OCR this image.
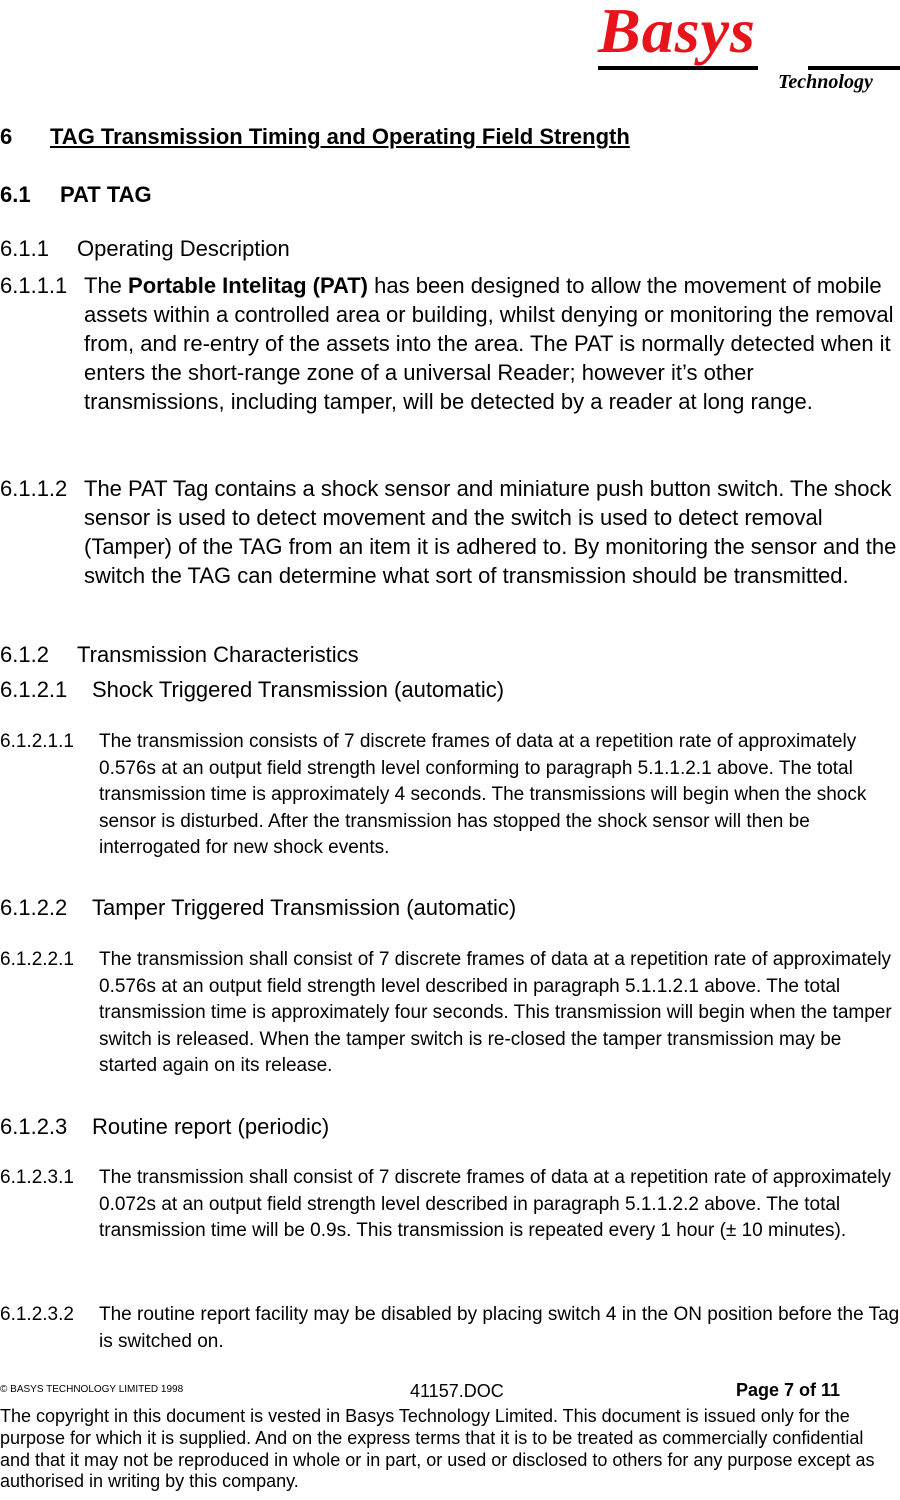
Basys
Technology
6 TAG Transmission Timing and Operating Field Strength
6.1 PAT TAG
6.1.1 Operating Description
6.1.1.1 The Portable Intelitag (PAT) has been designed to allow the movement of mobile assets within a controlled area or building, whilst denying or monitoring the removal from, and re-entry of the assets into the area. The PAT is normally detected when it enters the short-range zone of a universal Reader; however it’s other transmissions, including tamper, will be detected by a reader at long range.
6.1.1.2 The PAT Tag contains a shock sensor and miniature push button switch. The shock sensor is used to detect movement and the switch is used to detect removal (Tamper) of the TAG from an item it is adhered to. By monitoring the sensor and the switch the TAG can determine what sort of transmission should be transmitted.
6.1.2 Transmission Characteristics
6.1.2.1 Shock Triggered Transmission (automatic)
6.1.2.1.1 The transmission consists of 7 discrete frames of data at a repetition rate of approximately 0.576s at an output field strength level conforming to paragraph 5.1.1.2.1 above. The total transmission time is approximately 4 seconds. The transmissions will begin when the shock sensor is disturbed. After the transmission has stopped the shock sensor will then be interrogated for new shock events.
6.1.2.2 Tamper Triggered Transmission (automatic)
6.1.2.2.1 The transmission shall consist of 7 discrete frames of data at a repetition rate of approximately 0.576s at an output field strength level described in paragraph 5.1.1.2.1 above. The total transmission time is approximately four seconds. This transmission will begin when the tamper switch is released. When the tamper switch is re-closed the tamper transmission may be started again on its release.
6.1.2.3 Routine report (periodic)
6.1.2.3.1 The transmission shall consist of 7 discrete frames of data at a repetition rate of approximately 0.072s at an output field strength level described in paragraph 5.1.1.2.2 above. The total transmission time will be 0.9s. This transmission is repeated every 1 hour (± 10 minutes).
6.1.2.3.2 The routine report facility may be disabled by placing switch 4 in the ON position before the Tag is switched on.
© BASYS TECHNOLOGY LIMITED 1998	41157.DOC	Page 7 of 11
The copyright in this document is vested in Basys Technology Limited. This document is issued only for the purpose for which it is supplied. And on the express terms that it is to be treated as commercially confidential and that it may not be reproduced in whole or in part, or used or disclosed to others for any purpose except as authorised in writing by this company.
